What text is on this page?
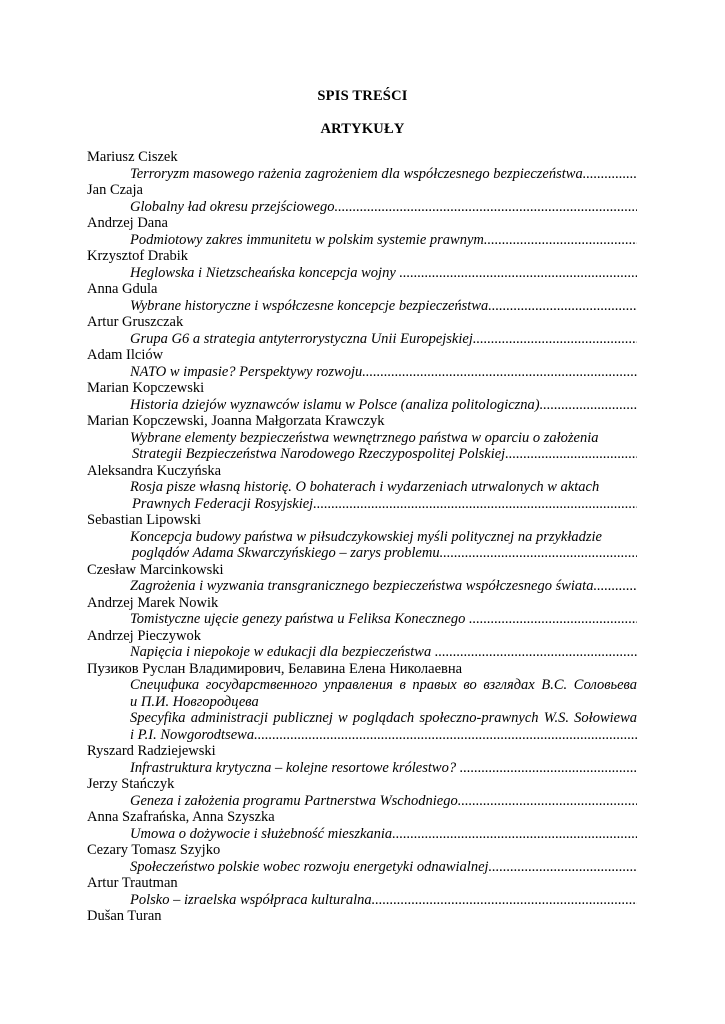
SPIS TREŚCI
ARTYKUŁY
Mariusz Ciszek
Terroryzm masowego rażenia zagrożeniem dla współczesnego bezpieczeństwa .....
Jan Czaja
Globalny ład okresu przejściowego .....
Andrzej Dana
Podmiotowy zakres immunitetu w polskim systemie prawnym .....
Krzysztof Drabik
Heglowska i Nietzscheańska koncepcja wojny .....
Anna Gdula
Wybrane historyczne i współczesne koncepcje bezpieczeństwa .....
Artur Gruszczak
Grupa G6 a strategia antyterrorystyczna Unii Europejskiej .....
Adam Ilciów
NATO w impasie? Perspektywy rozwoju .....
Marian Kopczewski
Historia dziejów wyznawców islamu w Polsce (analiza politologiczna) .....
Marian Kopczewski, Joanna Małgorzata Krawczyk
Wybrane elementy bezpieczeństwa wewnętrznego państwa w oparciu o założenia
Strategii Bezpieczeństwa Narodowego Rzeczypospolitej Polskiej .....
Aleksandra Kuczyńska
Rosja pisze własną historię. O bohaterach i wydarzeniach utrwalonych w aktach
Prawnych Federacji Rosyjskiej .....
Sebastian Lipowski
Koncepcja budowy państwa w piłsudczykowskiej myśli politycznej na przykładzie
poglądów Adama Skwarczyńskiego – zarys problemu .....
Czesław Marcinkowski
Zagrożenia i wyzwania transgranicznego bezpieczeństwa współczesnego świata .....
Andrzej Marek Nowik
Tomistyczne ujęcie genezy państwa u Feliksa Konecznego .....
Andrzej Pieczywok
Napięcia i niepokoje w edukacji dla bezpieczeństwa .....
Пузиков Руслан Владимирович, Белавина Елена Николаевна
Специфика государственного управления в правых во взглядах В.С. Соловьева
и П.И. Новгородцева
Specyfika administracji publicznej w poglądach społeczno-prawnych W.S. Sołowiewa
i P.I. Nowgorodtsewa .....
Ryszard Radziejewski
Infrastruktura krytyczna – kolejne resortowe królestwo? .....
Jerzy Stańczyk
Geneza i założenia programu Partnerstwa Wschodniego .....
Anna Szafrańska, Anna Szyszka
Umowa o dożywocie i służebność mieszkania .....
Cezary Tomasz Szyjko
Społeczeństwo polskie wobec rozwoju energetyki odnawialnej .....
Artur Trautman
Polsko – izraelska współpraca kulturalna .....
Dušan Turan
